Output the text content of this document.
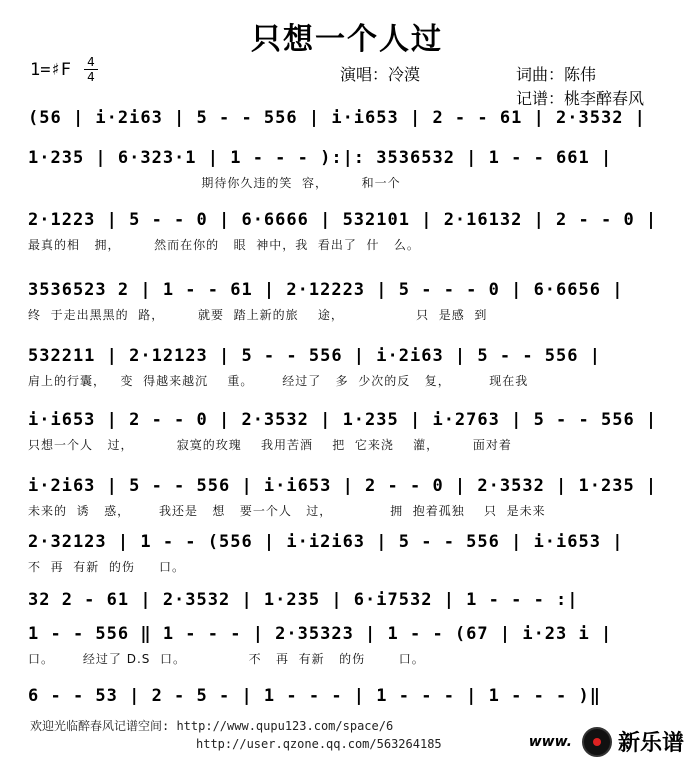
只想一个人过
1=♯F 4
4	演唱：冷漠	词曲：陈伟
记谱：桃李醉春风
(56 | i·2i63 | 5 - - 556 | i·i653 | 2 - - 61 | 2·3532 |
1·235 | 6·323·1 | 1 - - - ):|: 3536532 | 1 - - 661 |
期待你久违的笑  容，       和一个
2·1223 | 5 - - 0 | 6·6666 | 532101 | 2·16132 | 2 - - 0 |
最真的相   拥，       然而在你的   眼  神中，我  看出了  什   么。
3536523 2 | 1 - - 61 | 2·12223 | 5 - - - 0 | 6·6656 |
终  于走出黑黑的  路，       就要  踏上新的旅    途，               只  是感  到
532211 | 2·12123 | 5 - - 556 | i·2i63 | 5 - - 556 |
肩上的行囊，   变  得越来越沉    重。      经过了   多  少次的反   复，        现在我
i·i653 | 2 - - 0 | 2·3532 | 1·235 | i·2763 | 5 - - 556 |
只想一个人   过，         寂寞的玫瑰    我用苦酒    把  它来浇    灌，       面对着
i·2i63 | 5 - - 556 | i·i653 | 2 - - 0 | 2·3532 | 1·235 |
未来的  诱   惑，      我还是   想   要一个人   过，            拥  抱着孤独    只  是未来
2·32123 | 1 - - (556 | i·i2i63 | 5 - - 556 | i·i653 |
不  再  有新  的伤     口。
32 2 - 61 | 2·3532 | 1·235 | 6·i7532 | 1 - - - :|
1 - - 556 ‖ 1 - - - | 2·35323 | 1 - - (67 | i·23 i |
口。      经过了 D.S  口。             不   再  有新   的伤       口。
6 - - 53 | 2 - 5 - | 1 - - - | 1 - - - | 1 - - - )‖
欢迎光临醉春风记谱空间: http://www.qupu123.com/space/6
http://user.qzone.qq.com/563264185	www. 新乐谱
